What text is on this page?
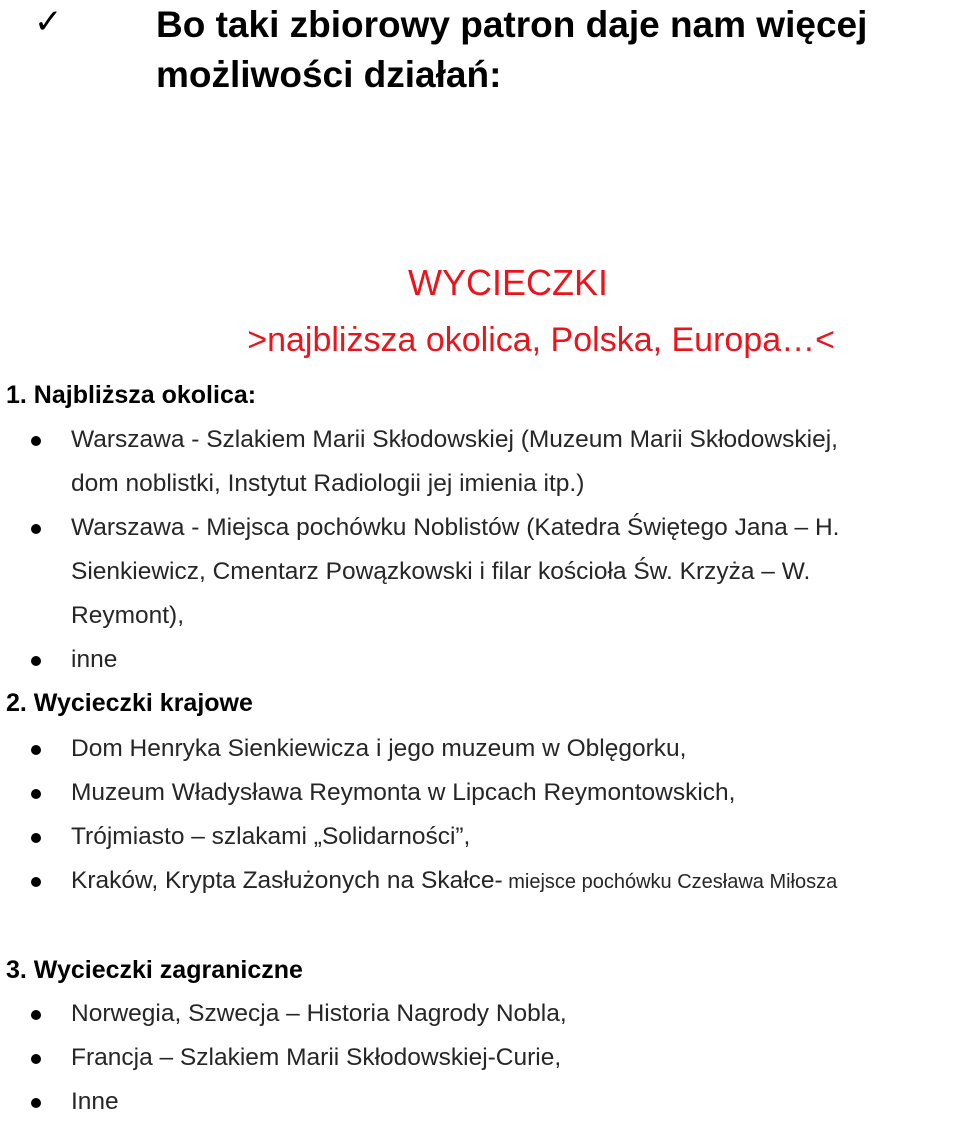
✓	Bo taki zbiorowy patron daje nam więcej
możliwości działań:
WYCIECZKI
>najbliższa okolica, Polska, Europa…<
1. Najbliższa okolica:
Warszawa - Szlakiem Marii Skłodowskiej (Muzeum Marii Skłodowskiej,
dom noblistki, Instytut Radiologii jej imienia itp.)
Warszawa - Miejsca pochówku Noblistów (Katedra Świętego Jana – H.
Sienkiewicz, Cmentarz Powązkowski i filar kościoła Św. Krzyża – W.
Reymont),
inne
2. Wycieczki krajowe
Dom Henryka Sienkiewicza i jego muzeum w Oblęgorku,
Muzeum Władysława Reymonta w Lipcach Reymontowskich,
Trójmiasto – szlakami „Solidarności”,
Kraków, Krypta Zasłużonych na Skałce- miejsce pochówku Czesława Miłosza
3. Wycieczki zagraniczne
Norwegia, Szwecja – Historia Nagrody Nobla,
Francja – Szlakiem Marii Skłodowskiej-Curie,
Inne
